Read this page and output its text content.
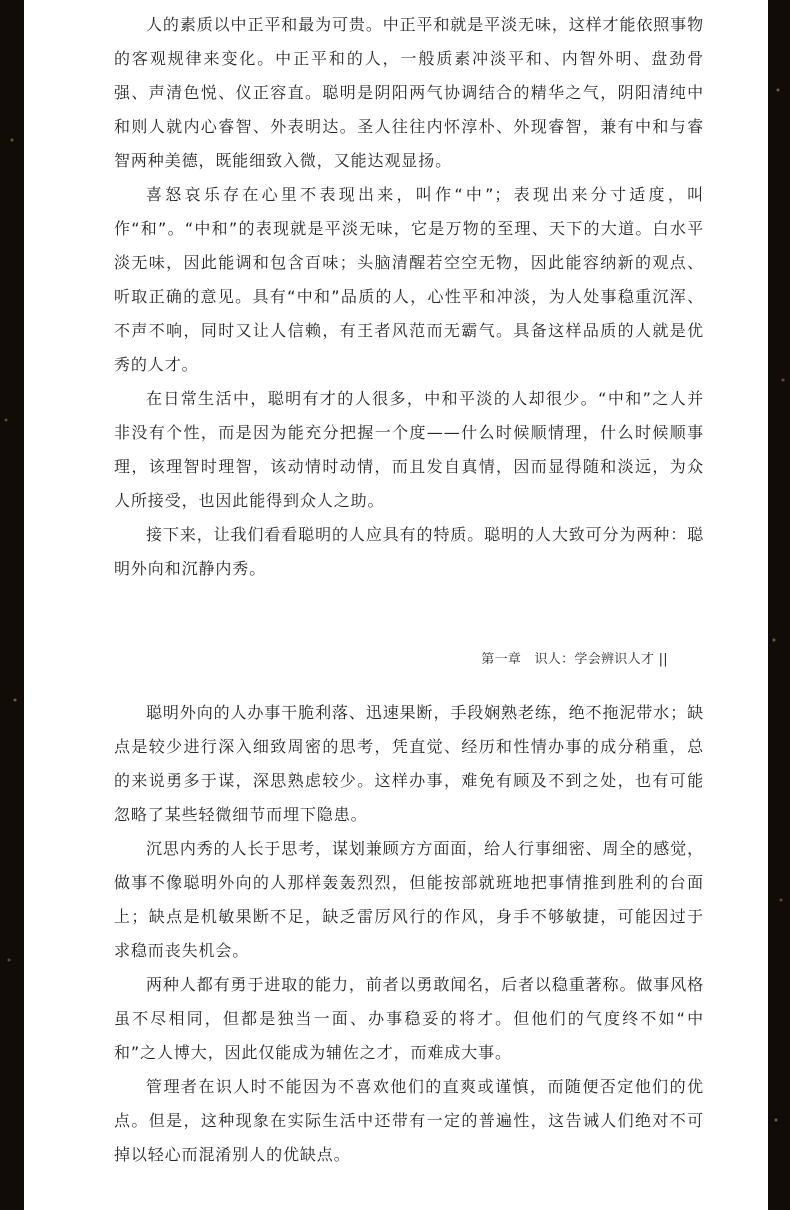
人的素质以中正平和最为可贵。中正平和就是平淡无味，这样才能依照事物的客观规律来变化。中正平和的人，一般质素冲淡平和、内智外明、盘劲骨强、声清色悦、仪正容直。聪明是阴阳两气协调结合的精华之气，阴阳清纯中和则人就内心睿智、外表明达。圣人往往内怀淳朴、外现睿智，兼有中和与睿智两种美德，既能细致入微，又能达观显扬。

喜怒哀乐存在心里不表现出来，叫作“中”；表现出来分寸适度，叫作“和”。“中和”的表现就是平淡无味，它是万物的至理、天下的大道。白水平淡无味，因此能调和包含百味；头脑清醒若空空无物，因此能容纳新的观点、听取正确的意见。具有“中和”品质的人，心性平和冲淡，为人处事稳重沉浑、不声不响，同时又让人信赖，有王者风范而无霸气。具备这样品质的人就是优秀的人才。

在日常生活中，聪明有才的人很多，中和平淡的人却很少。“中和”之人并非没有个性，而是因为能充分把握一个度——什么时候顺情理，什么时候顺事理，该理智时理智，该动情时动情，而且发自真情，因而显得随和淡远，为众人所接受，也因此能得到众人之助。

接下来，让我们看看聪明的人应具有的特质。聪明的人大致可分为两种：聪明外向和沉静内秀。

第一章　识人：学会辨识人才 ||

聪明外向的人办事干脆利落、迅速果断，手段娴熟老练，绝不拖泥带水；缺点是较少进行深入细致周密的思考，凭直觉、经历和性情办事的成分稍重，总的来说勇多于谋，深思熟虑较少。这样办事，难免有顾及不到之处，也有可能忽略了某些轻微细节而埋下隐患。

沉思内秀的人长于思考，谋划兼顾方方面面，给人行事细密、周全的感觉，做事不像聪明外向的人那样轰轰烈烈，但能按部就班地把事情推到胜利的台面上；缺点是机敏果断不足，缺乏雷厉风行的作风，身手不够敏捷，可能因过于求稳而丧失机会。

两种人都有勇于进取的能力，前者以勇敢闻名，后者以稳重著称。做事风格虽不尽相同，但都是独当一面、办事稳妥的将才。但他们的气度终不如“中和”之人博大，因此仅能成为辅佐之才，而难成大事。

管理者在识人时不能因为不喜欢他们的直爽或谨慎，而随便否定他们的优点。但是，这种现象在实际生活中还带有一定的普遍性，这告诫人们绝对不可掉以轻心而混淆别人的优缺点。
